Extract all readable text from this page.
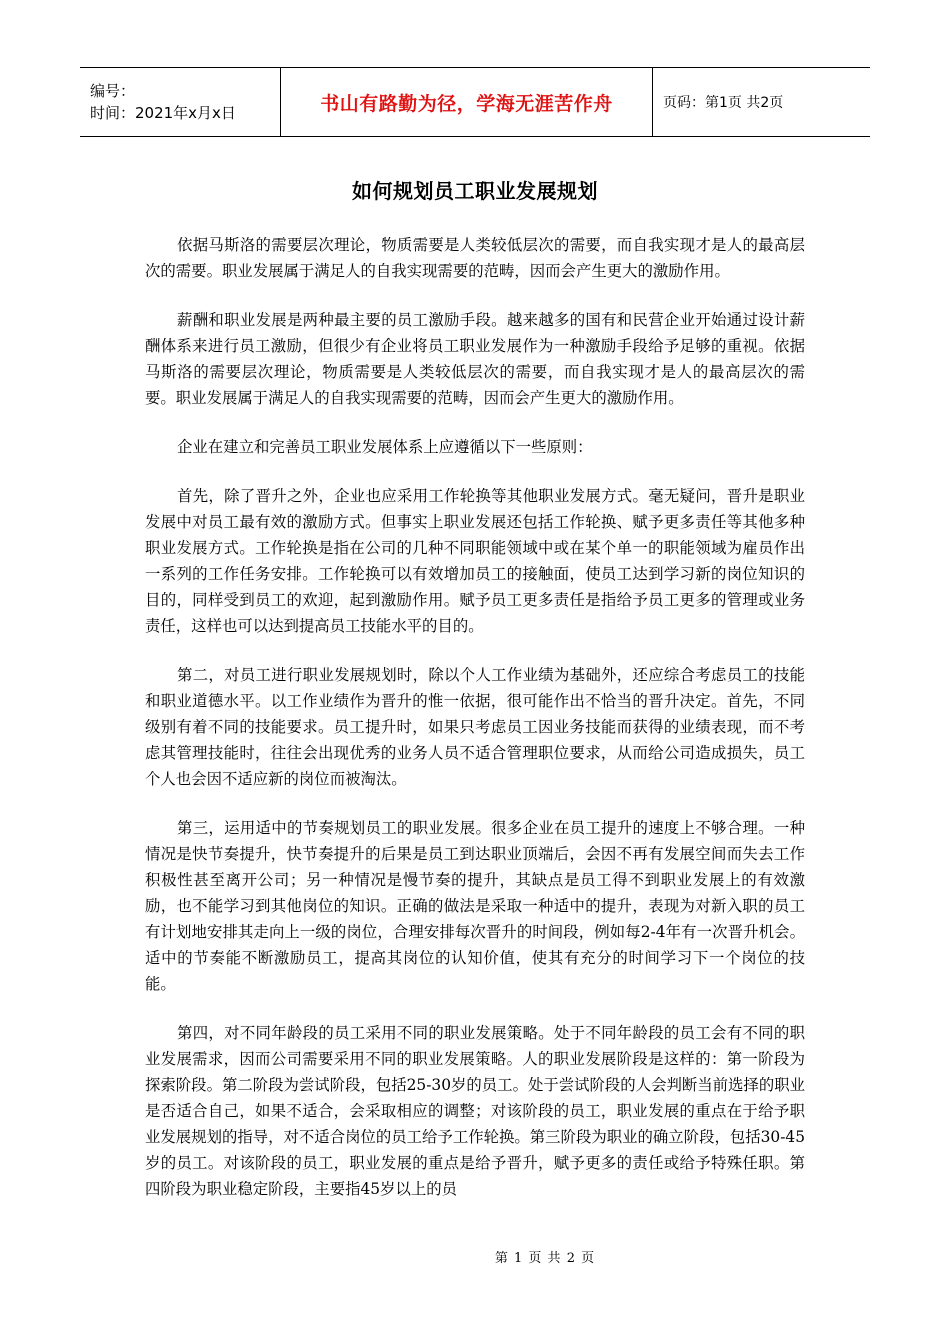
编号：
时间：2021年x月x日	书山有路勤为径，学海无涯苦作舟	页码：第1页 共2页
如何规划员工职业发展规划

依据马斯洛的需要层次理论，物质需要是人类较低层次的需要，而自我实现才是人的最高层次的需要。职业发展属于满足人的自我实现需要的范畴，因而会产生更大的激励作用。

薪酬和职业发展是两种最主要的员工激励手段。越来越多的国有和民营企业开始通过设计薪酬体系来进行员工激励，但很少有企业将员工职业发展作为一种激励手段给予足够的重视。依据马斯洛的需要层次理论，物质需要是人类较低层次的需要，而自我实现才是人的最高层次的需要。职业发展属于满足人的自我实现需要的范畴，因而会产生更大的激励作用。

企业在建立和完善员工职业发展体系上应遵循以下一些原则：

首先，除了晋升之外，企业也应采用工作轮换等其他职业发展方式。毫无疑问，晋升是职业发展中对员工最有效的激励方式。但事实上职业发展还包括工作轮换、赋予更多责任等其他多种职业发展方式。工作轮换是指在公司的几种不同职能领域中或在某个单一的职能领域为雇员作出一系列的工作任务安排。工作轮换可以有效增加员工的接触面，使员工达到学习新的岗位知识的目的，同样受到员工的欢迎，起到激励作用。赋予员工更多责任是指给予员工更多的管理或业务责任，这样也可以达到提高员工技能水平的目的。

第二，对员工进行职业发展规划时，除以个人工作业绩为基础外，还应综合考虑员工的技能和职业道德水平。以工作业绩作为晋升的惟一依据，很可能作出不恰当的晋升决定。首先，不同级别有着不同的技能要求。员工提升时，如果只考虑员工因业务技能而获得的业绩表现，而不考虑其管理技能时，往往会出现优秀的业务人员不适合管理职位要求，从而给公司造成损失，员工个人也会因不适应新的岗位而被淘汰。

第三，运用适中的节奏规划员工的职业发展。很多企业在员工提升的速度上不够合理。一种情况是快节奏提升，快节奏提升的后果是员工到达职业顶端后，会因不再有发展空间而失去工作积极性甚至离开公司；另一种情况是慢节奏的提升，其缺点是员工得不到职业发展上的有效激励，也不能学习到其他岗位的知识。正确的做法是采取一种适中的提升，表现为对新入职的员工有计划地安排其走向上一级的岗位，合理安排每次晋升的时间段，例如每2-4年有一次晋升机会。适中的节奏能不断激励员工，提高其岗位的认知价值，使其有充分的时间学习下一个岗位的技能。

第四，对不同年龄段的员工采用不同的职业发展策略。处于不同年龄段的员工会有不同的职业发展需求，因而公司需要采用不同的职业发展策略。人的职业发展阶段是这样的：第一阶段为探索阶段。第二阶段为尝试阶段，包括25-30岁的员工。处于尝试阶段的人会判断当前选择的职业是否适合自己，如果不适合，会采取相应的调整；对该阶段的员工，职业发展的重点在于给予职业发展规划的指导，对不适合岗位的员工给予工作轮换。第三阶段为职业的确立阶段，包括30-45岁的员工。对该阶段的员工，职业发展的重点是给予晋升，赋予更多的责任或给予特殊任职。第四阶段为职业稳定阶段，主要指45岁以上的员

第 1 页 共 2 页
